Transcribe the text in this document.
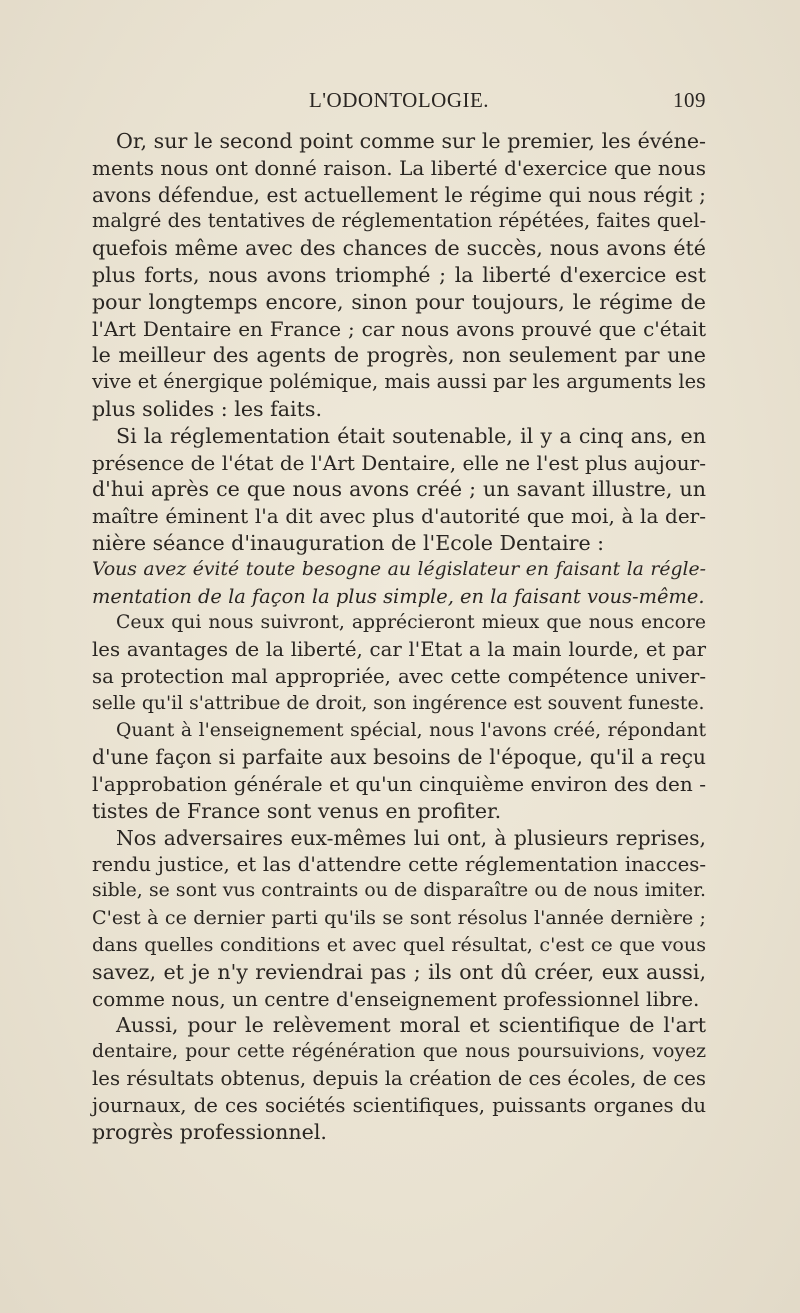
L'ODONTOLOGIE.	109
Or, sur le second point comme sur le premier, les événe-
ments nous ont donné raison. La liberté d'exercice que nous
avons défendue, est actuellement le régime qui nous régit ;
malgré des tentatives de réglementation répétées, faites quel-
quefois même avec des chances de succès, nous avons été
plus forts, nous avons triomphé ; la liberté d'exercice est
pour longtemps encore, sinon pour toujours, le régime de
l'Art Dentaire en France ; car nous avons prouvé que c'était
le meilleur des agents de progrès, non seulement par une
vive et énergique polémique, mais aussi par les arguments les
plus solides : les faits.
Si la réglementation était soutenable, il y a cinq ans, en
présence de l'état de l'Art Dentaire, elle ne l'est plus aujour-
d'hui après ce que nous avons créé ; un savant illustre, un
maître éminent l'a dit avec plus d'autorité que moi, à la der-
nière séance d'inauguration de l'Ecole Dentaire :
Vous avez évité toute besogne au législateur en faisant la régle-
mentation de la façon la plus simple, en la faisant vous-même.
Ceux qui nous suivront, apprécieront mieux que nous encore
les avantages de la liberté, car l'Etat a la main lourde, et par
sa protection mal appropriée, avec cette compétence univer-
selle qu'il s'attribue de droit, son ingérence est souvent funeste.
Quant à l'enseignement spécial, nous l'avons créé, répondant
d'une façon si parfaite aux besoins de l'époque, qu'il a reçu
l'approbation générale et qu'un cinquième environ des den -
tistes de France sont venus en profiter.
Nos adversaires eux-mêmes lui ont, à plusieurs reprises,
rendu justice, et las d'attendre cette réglementation inacces-
sible, se sont vus contraints ou de disparaître ou de nous imiter.
C'est à ce dernier parti qu'ils se sont résolus l'année dernière ;
dans quelles conditions et avec quel résultat, c'est ce que vous
savez, et je n'y reviendrai pas ; ils ont dû créer, eux aussi,
comme nous, un centre d'enseignement professionnel libre.
Aussi, pour le relèvement moral et scientifique de l'art
dentaire, pour cette régénération que nous poursuivions, voyez
les résultats obtenus, depuis la création de ces écoles, de ces
journaux, de ces sociétés scientifiques, puissants organes du
progrès professionnel.
